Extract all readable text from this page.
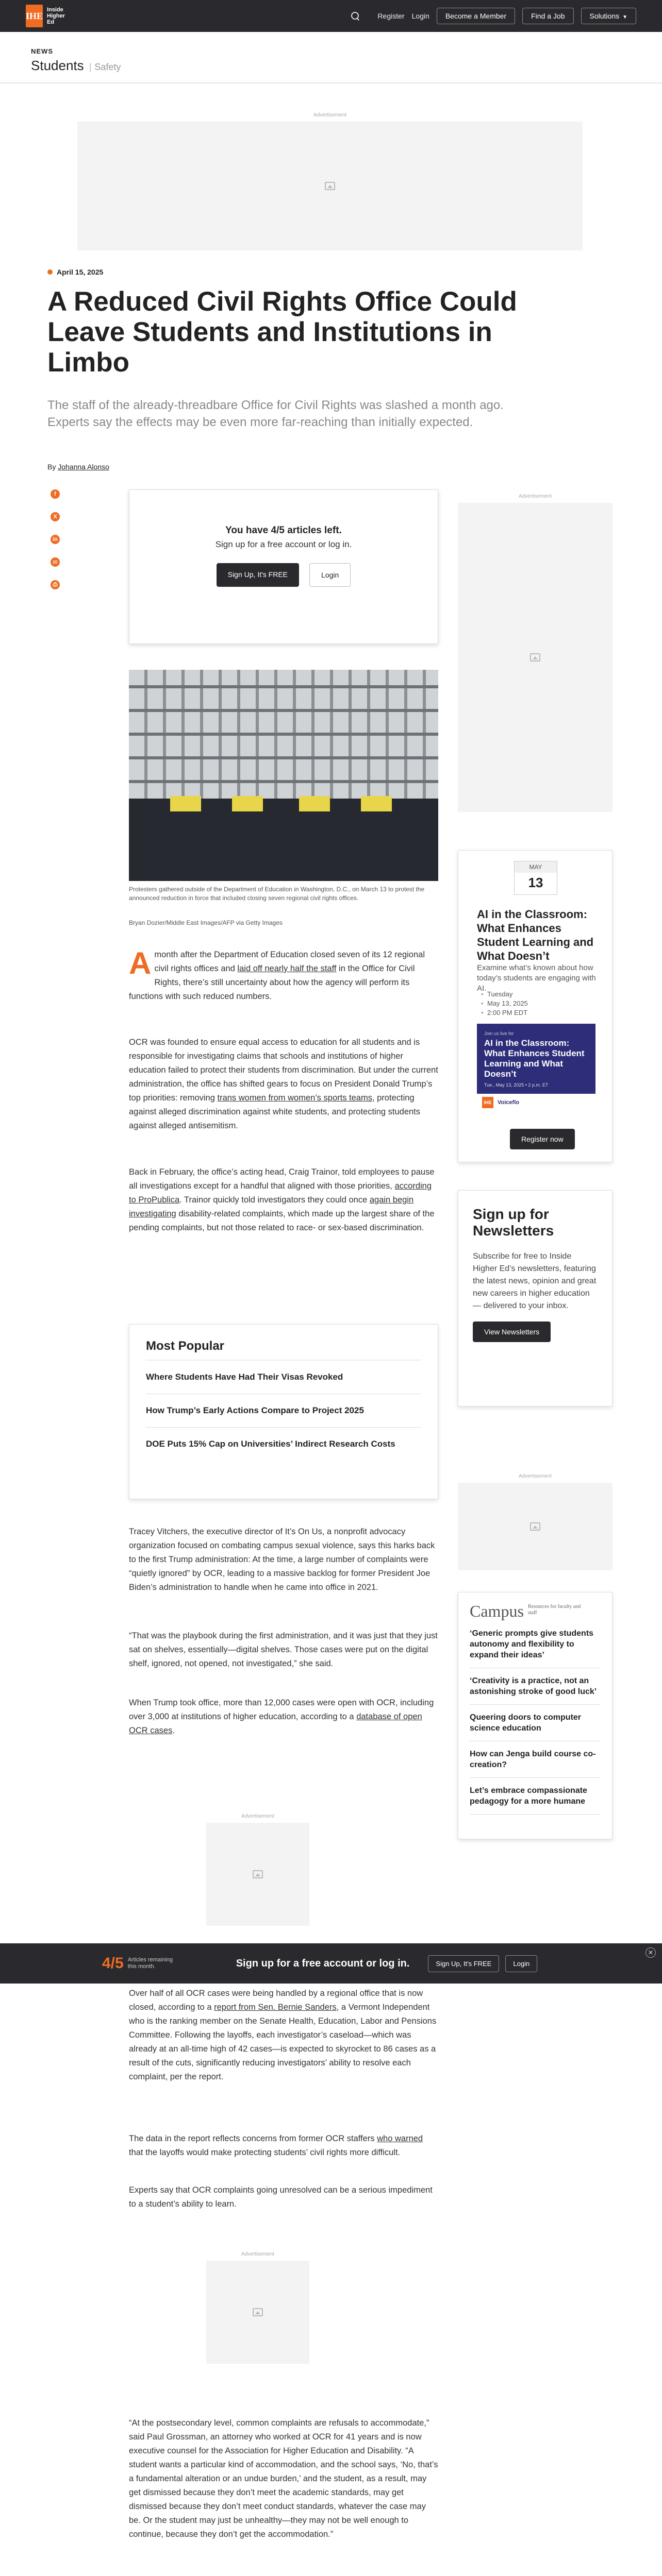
IHE
Inside Higher Ed
Register Login	Become a Member	Find a Job	Solutions ▼
NEWS
Students| Safety
Advertisement
April 15, 2025
A Reduced Civil Rights Office Could Leave Students and Institutions in Limbo

The staff of the already-threadbare Office for Civil Rights was slashed a month ago. Experts say the effects may be even more far-reaching than initially expected.

By Johanna Alonso
f
X
in
✉
⎙
You have 4/5 articles left.
Sign up for a free account or log in.
Sign Up, It's FREE	Login

Protesters gathered outside of the Department of Education in Washington, D.C., on March 13 to protest the announced reduction in force that included closing seven regional civil rights offices.

Bryan Dozier/Middle East Images/AFP via Getty Images

A month after the Department of Education closed seven of its 12 regional civil rights offices and laid off nearly half the staff in the Office for Civil Rights, there’s still uncertainty about how the agency will perform its functions with such reduced numbers.

OCR was founded to ensure equal access to education for all students and is responsible for investigating claims that schools and institutions of higher education failed to protect their students from discrimination. But under the current administration, the office has shifted gears to focus on President Donald Trump’s top priorities: removing trans women from women’s sports teams, protecting against alleged discrimination against white students, and protecting students against alleged antisemitism.

Back in February, the office’s acting head, Craig Trainor, told employees to pause all investigations except for a handful that aligned with those priorities, according to ProPublica. Trainor quickly told investigators they could once again begin investigating disability-related complaints, which made up the largest share of the pending complaints, but not those related to race- or sex-based discrimination.

Most Popular
Where Students Have Had Their Visas Revoked
How Trump’s Early Actions Compare to Project 2025
DOE Puts 15% Cap on Universities’ Indirect Research Costs

Tracey Vitchers, the executive director of It’s On Us, a nonprofit advocacy organization focused on combating campus sexual violence, says this harks back to the first Trump administration: At the time, a large number of complaints were “quietly ignored” by OCR, leading to a massive backlog for former President Joe Biden’s administration to handle when he came into office in 2021.

“That was the playbook during the first administration, and it was just that they just sat on shelves, essentially—digital shelves. Those cases were put on the digital shelf, ignored, not opened, not investigated,” she said.

When Trump took office, more than 12,000 cases were open with OCR, including over 3,000 at institutions of higher education, according to a database of open OCR cases.

Advertisement

Over half of all OCR cases were being handled by a regional office that is now closed, according to a report from Sen. Bernie Sanders, a Vermont Independent who is the ranking member on the Senate Health, Education, Labor and Pensions Committee. Following the layoffs, each investigator’s caseload—which was already at an all-time high of 42 cases—is expected to skyrocket to 86 cases as a result of the cuts, significantly reducing investigators’ ability to resolve each complaint, per the report.

The data in the report reflects concerns from former OCR staffers who warned that the layoffs would make protecting students’ civil rights more difficult.

Experts say that OCR complaints going unresolved can be a serious impediment to a student’s ability to learn.

Advertisement

“At the postsecondary level, common complaints are refusals to accommodate,” said Paul Grossman, an attorney who worked at OCR for 41 years and is now executive counsel for the Association for Higher Education and Disability. “A student wants a particular kind of accommodation, and the school says, ‘No, that’s a fundamental alteration or an undue burden,’ and the student, as a result, may get dismissed because they don’t meet the academic standards, may get dismissed because they don’t meet conduct standards, whatever the case may be. Or the student may just be unhealthy—they may not be well enough to continue, because they don’t get the accommodation.”

Advertisement
MAY
13
AI in the Classroom: What Enhances Student Learning and What Doesn’t
Examine what’s known about how today’s students are engaging with AI.
• Tuesday
• May 13, 2025
• 2:00 PM EDT
Join us live for
AI in the Classroom: What Enhances Student Learning and What Doesn’t
Tue., May 13, 2025 • 2 p.m. ET
IHE	Voiceflo
Register now
Sign up for Newsletters

Subscribe for free to Inside Higher Ed’s newsletters, featuring the latest news, opinion and great new careers in higher education — delivered to your inbox.

View Newsletters
Advertisement
Campus Resources for faculty and staff
‘Generic prompts give students autonomy and flexibility to expand their ideas’
‘Creativity is a practice, not an astonishing stroke of good luck’
Queering doors to computer science education
How can Jenga build course co-creation?
Let’s embrace compassionate pedagogy for a more humane
4/5 Articles remaining this month.	Sign up for a free account or log in.	Sign Up, It's FREE	Login
✕
